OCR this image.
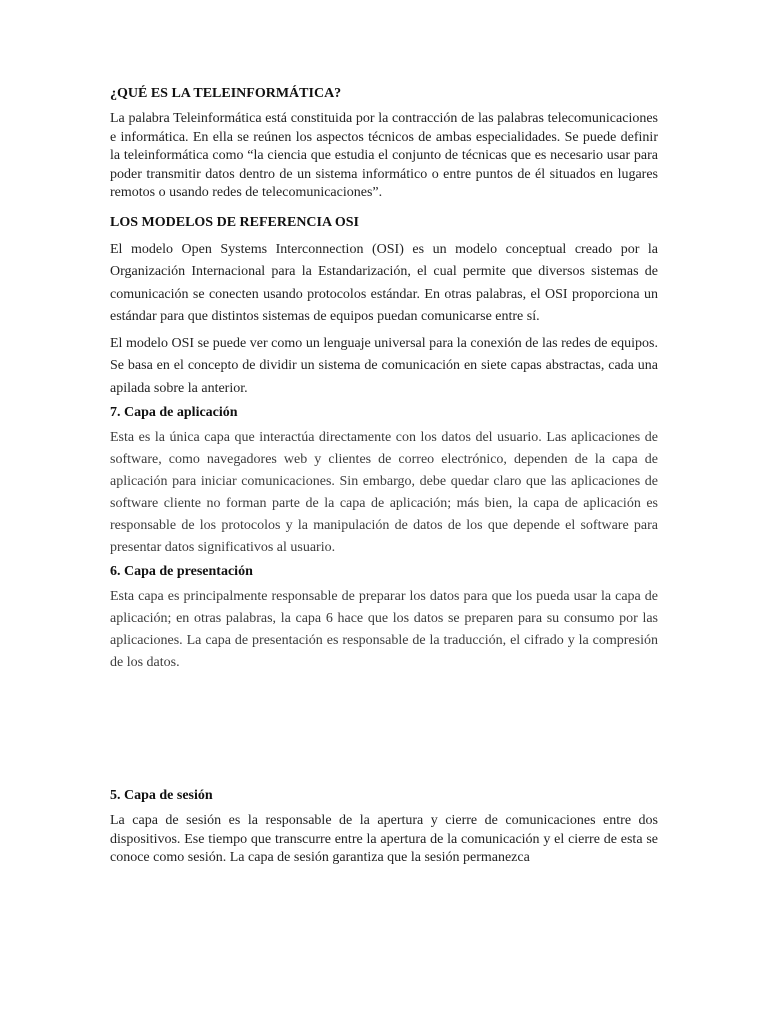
¿QUÉ ES LA TELEINFORMÁTICA?

La palabra Teleinformática está constituida por la contracción de las palabras telecomunicaciones e informática. En ella se reúnen los aspectos técnicos de ambas especialidades. Se puede definir la teleinformática como “la ciencia que estudia el conjunto de técnicas que es necesario usar para poder transmitir datos dentro de un sistema informático o entre puntos de él situados en lugares remotos o usando redes de telecomunicaciones”.

LOS MODELOS DE REFERENCIA OSI

El modelo Open Systems Interconnection (OSI) es un modelo conceptual creado por la Organización Internacional para la Estandarización, el cual permite que diversos sistemas de comunicación se conecten usando protocolos estándar. En otras palabras, el OSI proporciona un estándar para que distintos sistemas de equipos puedan comunicarse entre sí.

El modelo OSI se puede ver como un lenguaje universal para la conexión de las redes de equipos. Se basa en el concepto de dividir un sistema de comunicación en siete capas abstractas, cada una apilada sobre la anterior.

7. Capa de aplicación

Esta es la única capa que interactúa directamente con los datos del usuario. Las aplicaciones de software, como navegadores web y clientes de correo electrónico, dependen de la capa de aplicación para iniciar comunicaciones. Sin embargo, debe quedar claro que las aplicaciones de software cliente no forman parte de la capa de aplicación; más bien, la capa de aplicación es responsable de los protocolos y la manipulación de datos de los que depende el software para presentar datos significativos al usuario.

6. Capa de presentación

Esta capa es principalmente responsable de preparar los datos para que los pueda usar la capa de aplicación; en otras palabras, la capa 6 hace que los datos se preparen para su consumo por las aplicaciones. La capa de presentación es responsable de la traducción, el cifrado y la compresión de los datos.

5. Capa de sesión

La capa de sesión es la responsable de la apertura y cierre de comunicaciones entre dos dispositivos. Ese tiempo que transcurre entre la apertura de la comunicación y el cierre de esta se conoce como sesión. La capa de sesión garantiza que la sesión permanezca
